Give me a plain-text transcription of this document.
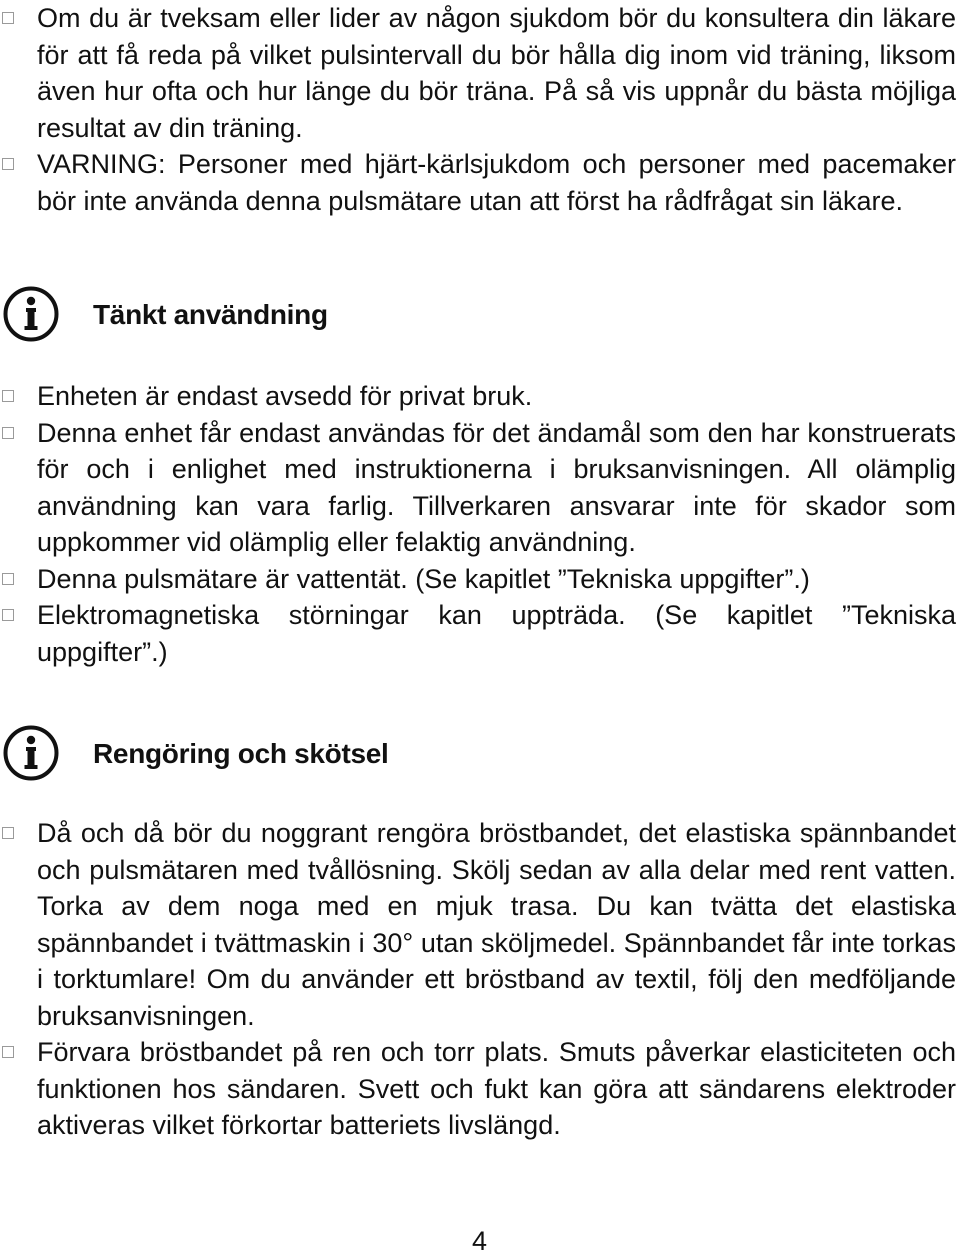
Om du är tveksam eller lider av någon sjukdom bör du konsultera din läkare för att få reda på vilket pulsintervall du bör hålla dig inom vid träning, liksom även hur ofta och hur länge du bör träna. På så vis uppnår du bästa möjliga resultat av din träning.
VARNING: Personer med hjärt-kärlsjukdom och personer med pacemaker bör inte använda denna pulsmätare utan att först ha rådfrågat sin läkare.
Tänkt användning
Enheten är endast avsedd för privat bruk.
Denna enhet får endast användas för det ändamål som den har konstruerats för och i enlighet med instruktionerna i bruksanvisningen. All olämplig användning kan vara farlig. Tillverkaren ansvarar inte för skador som uppkommer vid olämplig eller felaktig användning.
Denna pulsmätare är vattentät. (Se kapitlet ”Tekniska uppgifter”.)
Elektromagnetiska störningar kan uppträda. (Se kapitlet ”Tekniska uppgifter”.)
Rengöring och skötsel
Då och då bör du noggrant rengöra bröstbandet, det elastiska spännbandet och pulsmätaren med tvållösning. Skölj sedan av alla delar med rent vatten. Torka av dem noga med en mjuk trasa. Du kan tvätta det elastiska spännbandet i tvättmaskin i 30° utan sköljmedel. Spännbandet får inte torkas i torktumlare! Om du använder ett bröstband av textil, följ den medföljande bruksanvisningen.
Förvara bröstbandet på ren och torr plats. Smuts påverkar elasticiteten och funktionen hos sändaren. Svett och fukt kan göra att sändarens elektroder aktiveras vilket förkortar batteriets livslängd.
4
